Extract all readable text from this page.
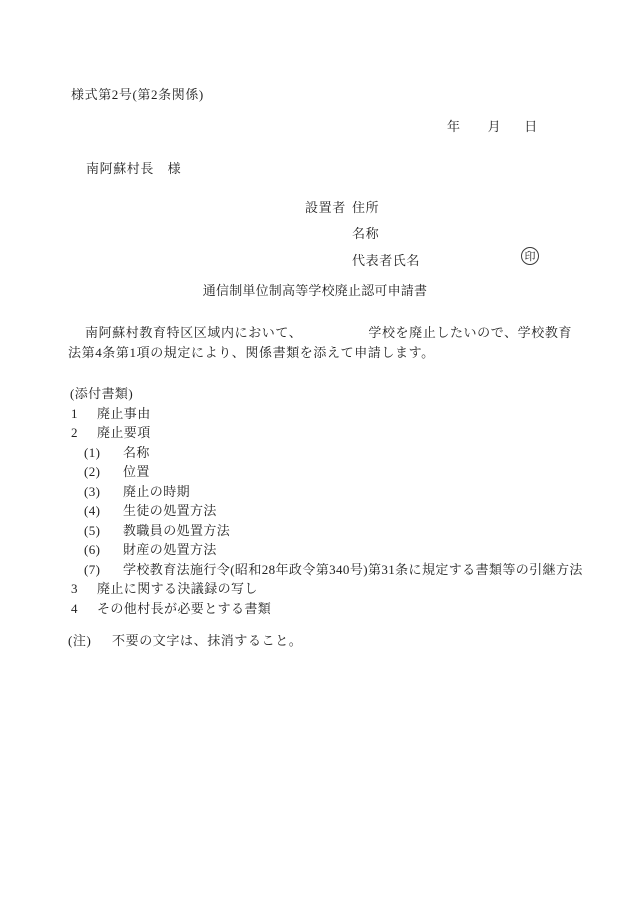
様式第2号(第2条関係)
年 月 日
南阿蘇村長　様
設置者 住所
名称
代表者氏名	印
通信制単位制高等学校廃止認可申請書
南阿蘇村教育特区区域内において、	学校を廃止したいので、学校教育
法第4条第1項の規定により、関係書類を添えて申請します。
(添付書類)
1	廃止事由
2	廃止要項
(1)	名称
(2)	位置
(3)	廃止の時期
(4)	生徒の処置方法
(5)	教職員の処置方法
(6)	財産の処置方法
(7)	学校教育法施行令(昭和28年政令第340号)第31条に規定する書類等の引継方法
3	廃止に関する決議録の写し
4	その他村長が必要とする書類
(注)	不要の文字は、抹消すること。
